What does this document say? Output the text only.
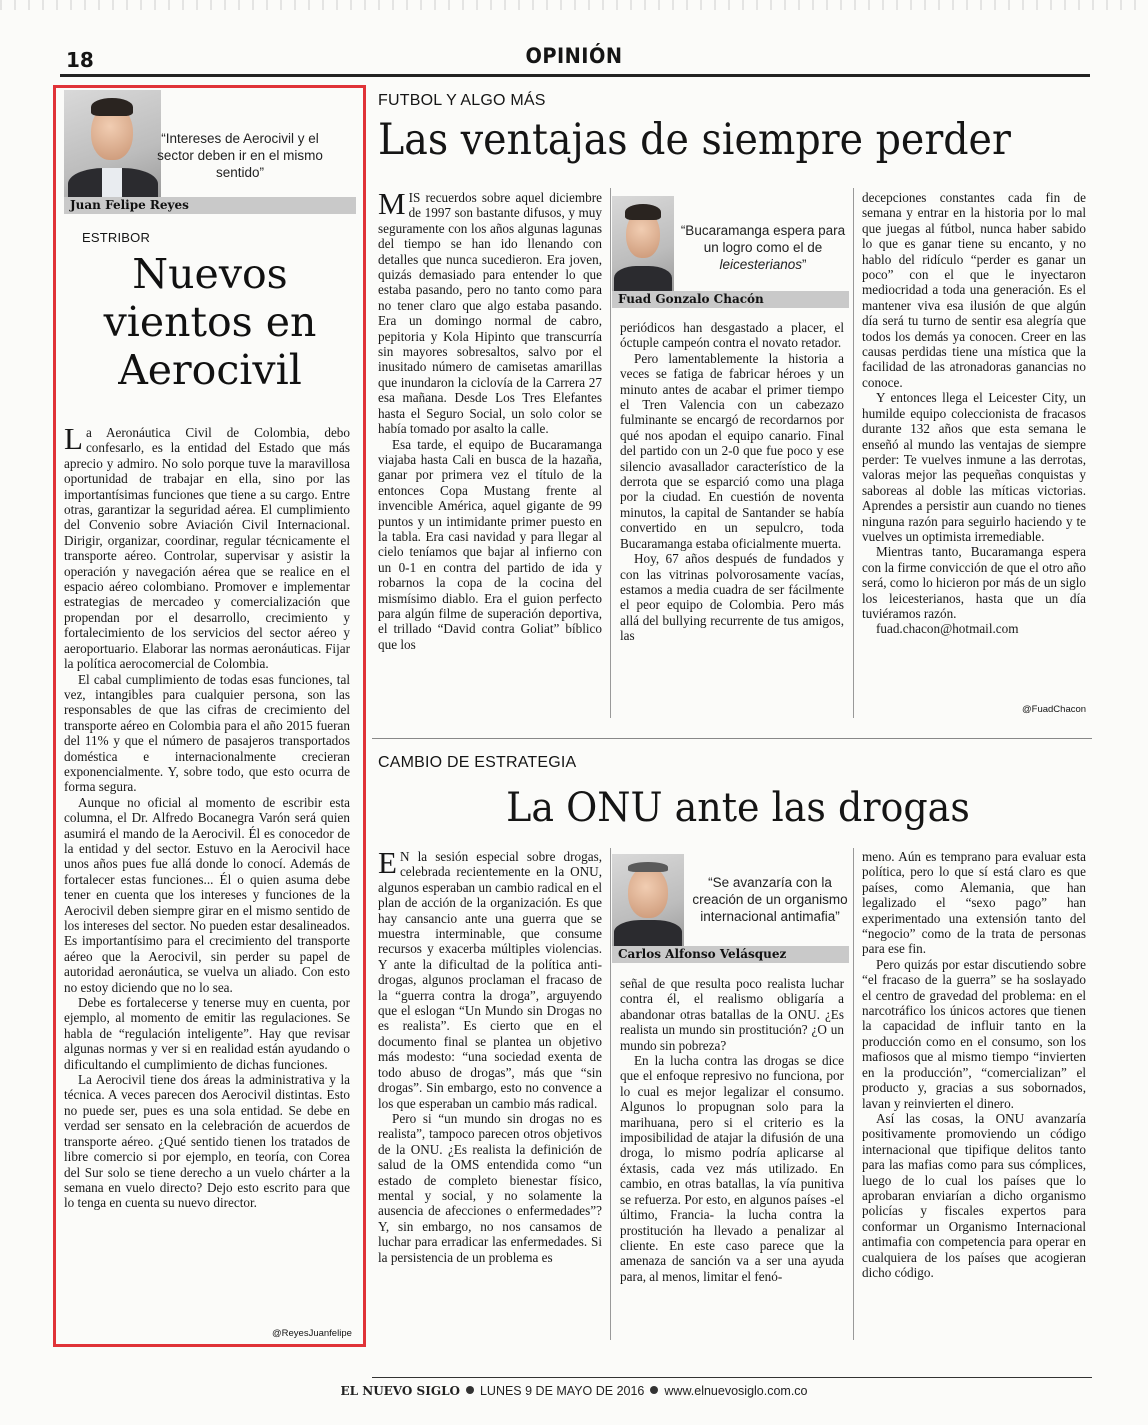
18	OPINIÓN
“Intereses de Aerocivil y el sector deben ir en el mismo sentido”
Juan Felipe Reyes
ESTRIBOR
Nuevos vientos en Aerocivil

La Aeronáutica Civil de Colombia, debo confesarlo, es la entidad del Estado que más aprecio y admiro. No solo porque tuve la maravillosa oportunidad de trabajar en ella, sino por las importantísimas funciones que tiene a su cargo. Entre otras, garantizar la seguridad aérea. El cumplimiento del Convenio sobre Aviación Civil Internacional. Dirigir, organizar, coordinar, regular técnicamente el transporte aéreo. Controlar, supervisar y asistir la operación y navegación aérea que se realice en el espacio aéreo colombiano. Promover e implementar estrategias de mercadeo y comercialización que propendan por el desarrollo, crecimiento y fortalecimiento de los servicios del sector aéreo y aeroportuario. Elaborar las normas aeronáuticas. Fijar la política aerocomercial de Colombia.

El cabal cumplimiento de todas esas funciones, tal vez, intangibles para cualquier persona, son las responsables de que las cifras de crecimiento del transporte aéreo en Colombia para el año 2015 fueran del 11% y que el número de pasajeros transportados doméstica e internacionalmente crecieran exponencialmente. Y, sobre todo, que esto ocurra de forma segura.

Aunque no oficial al momento de escribir esta columna, el Dr. Alfredo Bocanegra Varón será quien asumirá el mando de la Aerocivil. Él es conocedor de la entidad y del sector. Estuvo en la Aerocivil hace unos años pues fue allá donde lo conocí. Además de fortalecer estas funciones... Él o quien asuma debe tener en cuenta que los intereses y funciones de la Aerocivil deben siempre girar en el mismo sentido de los intereses del sector. No pueden estar desalineados. Es importantísimo para el crecimiento del transporte aéreo que la Aerocivil, sin perder su papel de autoridad aeronáutica, se vuelva un aliado. Con esto no estoy diciendo que no lo sea.

Debe es fortalecerse y tenerse muy en cuenta, por ejemplo, al momento de emitir las regulaciones. Se habla de “regulación inteligente”. Hay que revisar algunas normas y ver si en realidad están ayudando o dificultando el cumplimiento de dichas funciones.

La Aerocivil tiene dos áreas la administrativa y la técnica. A veces parecen dos Aerocivil distintas. Esto no puede ser, pues es una sola entidad. Se debe en verdad ser sensato en la celebración de acuerdos de transporte aéreo. ¿Qué sentido tienen los tratados de libre comercio si por ejemplo, en teoría, con Corea del Sur solo se tiene derecho a un vuelo chárter a la semana en vuelo directo? Dejo esto escrito para que lo tenga en cuenta su nuevo director.

@ReyesJuanfelipe
FUTBOL Y ALGO MÁS
Las ventajas de siempre perder

MIS recuerdos sobre aquel diciembre de 1997 son bastante difusos, y muy seguramente con los años algunas lagunas del tiempo se han ido llenando con detalles que nunca sucedieron. Era joven, quizás demasiado para entender lo que estaba pasando, pero no tanto como para no tener claro que algo estaba pasando. Era un domingo normal de cabro, pepitoria y Kola Hipinto que transcurría sin mayores sobresaltos, salvo por el inusitado número de camisetas amarillas que inundaron la ciclovía de la Carrera 27 esa mañana. Desde Los Tres Elefantes hasta el Seguro Social, un solo color se había tomado por asalto la calle.

Esa tarde, el equipo de Bucaramanga viajaba hasta Cali en busca de la hazaña, ganar por primera vez el título de la entonces Copa Mustang frente al invencible América, aquel gigante de 99 puntos y un intimidante primer puesto en la tabla. Era casi navidad y para llegar al cielo teníamos que bajar al infierno con un 0-1 en contra del partido de ida y robarnos la copa de la cocina del mismísimo diablo. Era el guion perfecto para algún filme de superación deportiva, el trillado “David contra Goliat” bíblico que los

“Bucaramanga espera para un logro como el de leicesterianos”
Fuad Gonzalo Chacón

periódicos han desgastado a placer, el óctuple campeón contra el novato retador.

Pero lamentablemente la historia a veces se fatiga de fabricar héroes y un minuto antes de acabar el primer tiempo el Tren Valencia con un cabezazo fulminante se encargó de recordarnos por qué nos apodan el equipo canario. Final del partido con un 2-0 que fue poco y ese silencio avasallador característico de la derrota que se esparció como una plaga por la ciudad. En cuestión de noventa minutos, la capital de Santander se había convertido en un sepulcro, toda Bucaramanga estaba oficialmente muerta.

Hoy, 67 años después de fundados y con las vitrinas polvorosamente vacías, estamos a media cuadra de ser fácilmente el peor equipo de Colombia. Pero más allá del bullying recurrente de tus amigos, las

decepciones constantes cada fin de semana y entrar en la historia por lo mal que juegas al fútbol, nunca haber sabido lo que es ganar tiene su encanto, y no hablo del ridículo “perder es ganar un poco” con el que le inyectaron mediocridad a toda una generación. Es el mantener viva esa ilusión de que algún día será tu turno de sentir esa alegría que todos los demás ya conocen. Creer en las causas perdidas tiene una mística que la facilidad de las atronadoras ganancias no conoce.

Y entonces llega el Leicester City, un humilde equipo coleccionista de fracasos durante 132 años que esta semana le enseñó al mundo las ventajas de siempre perder: Te vuelves inmune a las derrotas, valoras mejor las pequeñas conquistas y saboreas al doble las míticas victorias. Aprendes a persistir aun cuando no tienes ninguna razón para seguirlo haciendo y te vuelves un optimista irremediable.

Mientras tanto, Bucaramanga espera con la firme convicción de que el otro año será, como lo hicieron por más de un siglo los leicesterianos, hasta que un día tuviéramos razón.

fuad.chacon@hotmail.com

@FuadChacon
CAMBIO DE ESTRATEGIA
La ONU ante las drogas

E N la sesión especial sobre drogas, celebrada recientemente en la ONU, algunos esperaban un cambio radical en el plan de acción de la organización. Es que hay cansancio ante una guerra que se muestra interminable, que consume recursos y exacerba múltiples violencias. Y ante la dificultad de la política anti-drogas, algunos proclaman el fracaso de la “guerra contra la droga”, arguyendo que el eslogan “Un Mundo sin Drogas no es realista”. Es cierto que en el documento final se plantea un objetivo más modesto: “una sociedad exenta de todo abuso de drogas”, más que “sin drogas”. Sin embargo, esto no convence a los que esperaban un cambio más radical.

Pero si “un mundo sin drogas no es realista”, tampoco parecen otros objetivos de la ONU. ¿Es realista la definición de salud de la OMS entendida como “un estado de completo bienestar físico, mental y social, y no solamente la ausencia de afecciones o enfermedades”? Y, sin embargo, no nos cansamos de luchar para erradicar las enfermedades. Si la persistencia de un problema es

“Se avanzaría con la creación de un organismo internacional antimafia”
Carlos Alfonso Velásquez

señal de que resulta poco realista luchar contra él, el realismo obligaría a abandonar otras batallas de la ONU. ¿Es realista un mundo sin prostitución? ¿O un mundo sin pobreza?

En la lucha contra las drogas se dice que el enfoque represivo no funciona, por lo cual es mejor legalizar el consumo. Algunos lo propugnan solo para la marihuana, pero si el criterio es la imposibilidad de atajar la difusión de una droga, lo mismo podría aplicarse al éxtasis, cada vez más utilizado. En cambio, en otras batallas, la vía punitiva se refuerza. Por esto, en algunos países -el último, Francia- la lucha contra la prostitución ha llevado a penalizar al cliente. En este caso parece que la amenaza de sanción va a ser una ayuda para, al menos, limitar el fenó-

meno. Aún es temprano para evaluar esta política, pero lo que sí está claro es que países, como Alemania, que han legalizado el “sexo pago” han experimentado una extensión tanto del “negocio” como de la trata de personas para ese fin.

Pero quizás por estar discutiendo sobre “el fracaso de la guerra” se ha soslayado el centro de gravedad del problema: en el narcotráfico los únicos actores que tienen la capacidad de influir tanto en la producción como en el consumo, son los mafiosos que al mismo tiempo “invierten en la producción”, “comercializan” el producto y, gracias a sus sobornados, lavan y reinvierten el dinero.

Así las cosas, la ONU avanzaría positivamente promoviendo un código internacional que tipifique delitos tanto para las mafias como para sus cómplices, luego de lo cual los países que lo aprobaran enviarían a dicho organismo policías y fiscales expertos para conformar un Organismo Internacional antimafia con competencia para operar en cualquiera de los países que acogieran dicho código.

EL NUEVO SIGLO LUNES 9 DE MAYO DE 2016 www.elnuevosiglo.com.co
